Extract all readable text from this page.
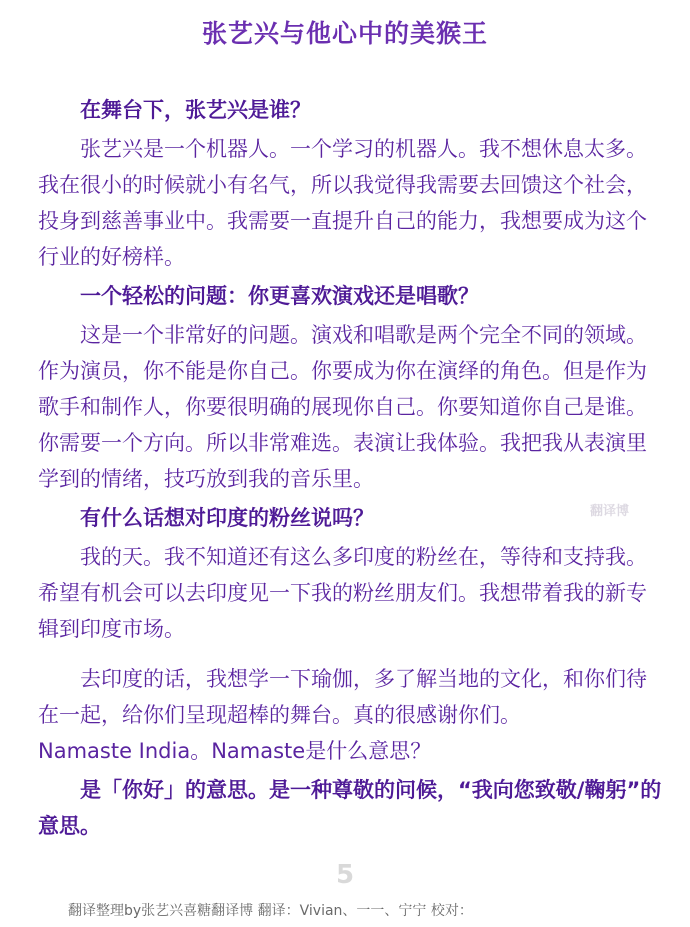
张艺兴与他心中的美猴王
在舞台下，张艺兴是谁？
张艺兴是一个机器人。一个学习的机器人。我不想休息太多。我在很小的时候就小有名气，所以我觉得我需要去回馈这个社会，投身到慈善事业中。我需要一直提升自己的能力，我想要成为这个行业的好榜样。
一个轻松的问题：你更喜欢演戏还是唱歌？
这是一个非常好的问题。演戏和唱歌是两个完全不同的领域。作为演员，你不能是你自己。你要成为你在演绎的角色。但是作为歌手和制作人，你要很明确的展现你自己。你要知道你自己是谁。你需要一个方向。所以非常难选。表演让我体验。我把我从表演里学到的情绪，技巧放到我的音乐里。
有什么话想对印度的粉丝说吗？
我的天。我不知道还有这么多印度的粉丝在，等待和支持我。希望有机会可以去印度见一下我的粉丝朋友们。我想带着我的新专辑到印度市场。
去印度的话，我想学一下瑜伽，多了解当地的文化，和你们待在一起，给你们呈现超棒的舞台。真的很感谢你们。
Namaste India。Namaste是什么意思？
是「你好」的意思。是一种尊敬的问候，“我向您致敬/鞠躬”的意思。
翻译博
5
翻译整理by张艺兴喜糖翻译博 翻译：Vivian、一一、宁宁 校对：
